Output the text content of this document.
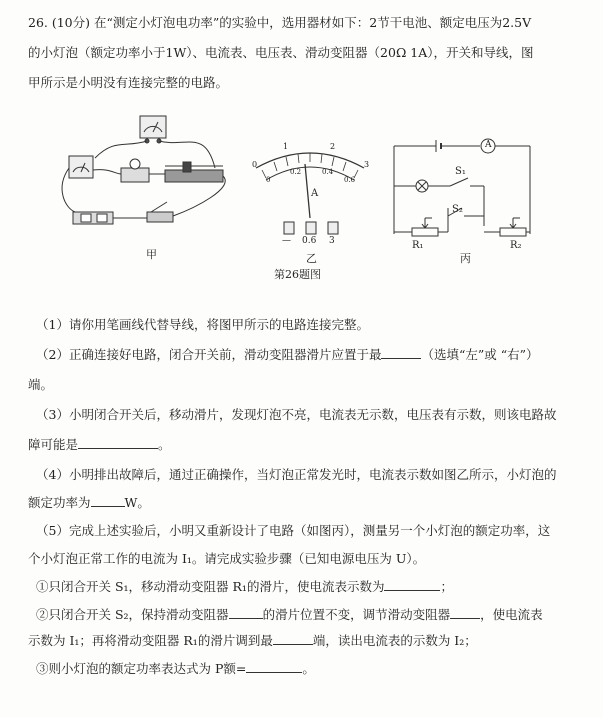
26. (10分) 在“测定小灯泡电功率”的实验中，选用器材如下：2节干电池、额定电压为2.5V
的小灯泡（额定功率小于1W）、电流表、电压表、滑动变阻器（20Ω 1A），开关和导线，图
甲所示是小明没有连接完整的电路。
甲
0
1	2
3
0
0.2	0.4
0.6
A
— 0.6 3
乙
A
S₁
S₂
R₁	R₂
丙
第26题图
（1）请你用笔画线代替导线，将图甲所示的电路连接完整。
（2）正确连接好电路，闭合开关前，滑动变阻器滑片应置于最	（选填“左”或 “右”）
端。
（3）小明闭合开关后，移动滑片，发现灯泡不亮，电流表无示数，电压表有示数，则该电路故
障可能是	。
（4）小明排出故障后，通过正确操作，当灯泡正常发光时，电流表示数如图乙所示，小灯泡的
额定功率为	W。
（5）完成上述实验后，小明又重新设计了电路（如图丙），测量另一个小灯泡的额定功率，这
个小灯泡正常工作的电流为 I₁。请完成实验步骤（已知电源电压为 U）。
①只闭合开关 S₁，移动滑动变阻器 R₁的滑片，使电流表示数为	；
②只闭合开关 S₂，保持滑动变阻器	的滑片位置不变，调节滑动变阻器 ，使电流表
示数为 I₁；再将滑动变阻器 R₁的滑片调到最	端，读出电流表的示数为 I₂；
③则小灯泡的额定功率表达式为 P额=	。
